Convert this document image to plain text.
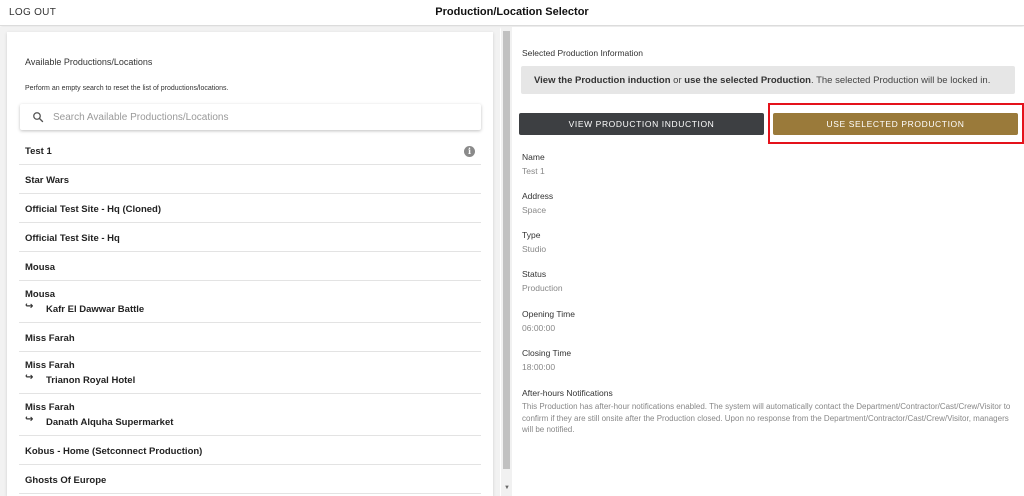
LOG OUT	Production/Location Selector
Available Productions/Locations
Perform an empty search to reset the list of productions/locations.
Search Available Productions/Locations
Test 1	i
Star Wars
Official Test Site - Hq (Cloned)
Official Test Site - Hq
Mousa
Mousa
↪ Kafr El Dawwar Battle
Miss Farah
Miss Farah
↪ Trianon Royal Hotel
Miss Farah
↪ Danath Alquha Supermarket
Kobus - Home (Setconnect Production)
Ghosts Of Europe
▼
Selected Production Information
View the Production induction or use the selected Production. The selected Production will be locked in.
VIEW PRODUCTION INDUCTION	USE SELECTED PRODUCTION
Name
Test 1
Address
Space
Type
Studio
Status
Production
Opening Time
06:00:00
Closing Time
18:00:00
After-hours Notifications
This Production has after-hour notifications enabled. The system will automatically contact the Department/Contractor/Cast/Crew/Visitor to confirm if they are still onsite after the Production closed. Upon no response from the Department/Contractor/Cast/Crew/Visitor, managers will be notified.
